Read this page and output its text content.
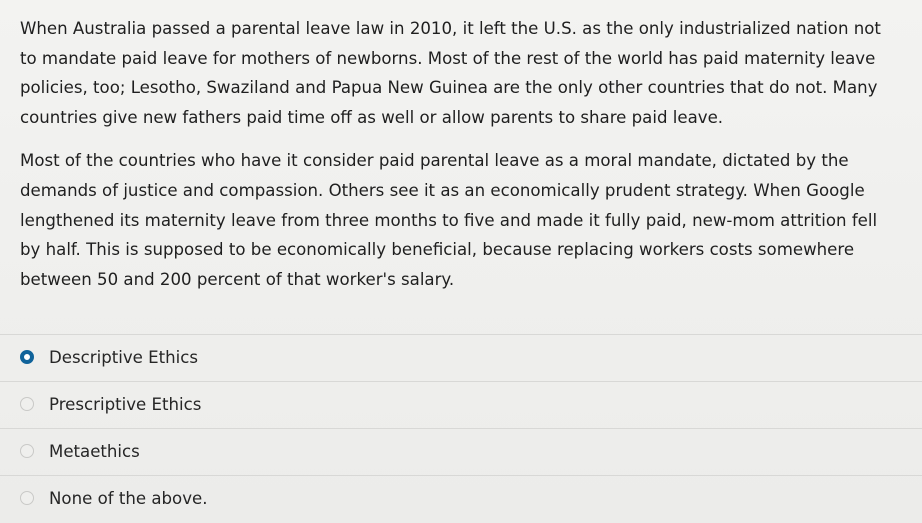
When Australia passed a parental leave law in 2010, it left the U.S. as the only industrialized nation not
to mandate paid leave for mothers of newborns. Most of the rest of the world has paid maternity leave
policies, too; Lesotho, Swaziland and Papua New Guinea are the only other countries that do not. Many
countries give new fathers paid time off as well or allow parents to share paid leave.

Most of the countries who have it consider paid parental leave as a moral mandate, dictated by the
demands of justice and compassion. Others see it as an economically prudent strategy. When Google
lengthened its maternity leave from three months to five and made it fully paid, new-mom attrition fell
by half. This is supposed to be economically beneficial, because replacing workers costs somewhere
between 50 and 200 percent of that worker's salary.

Descriptive Ethics
Prescriptive Ethics
Metaethics
None of the above.
